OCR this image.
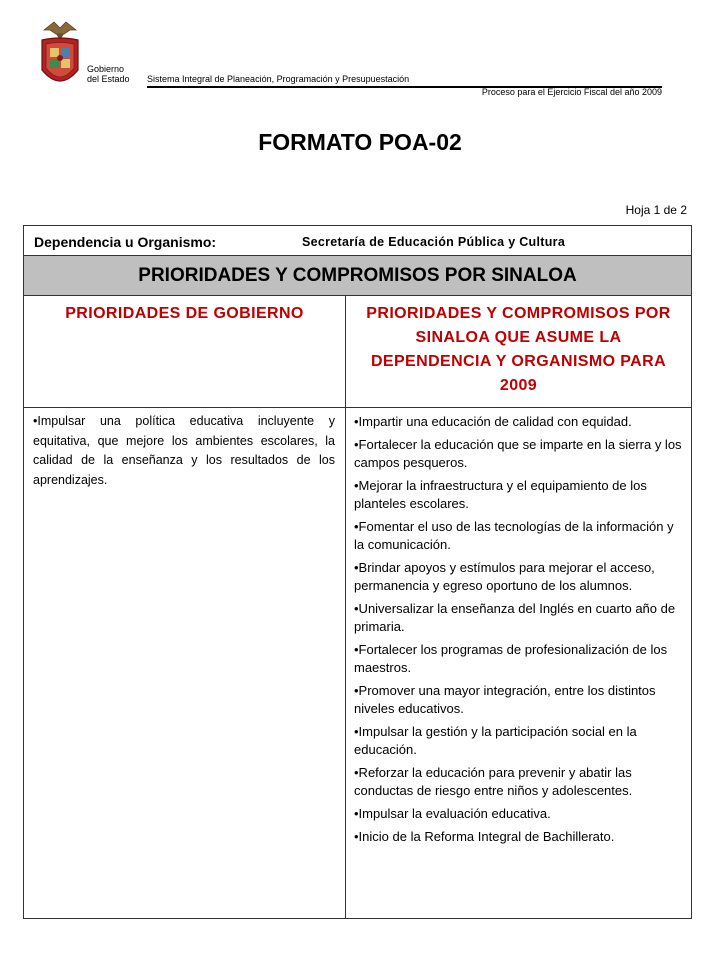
Gobierno
del Estado Sistema Integral de Planeación, Programación y Presupuestación
Proceso para el Ejercicio Fiscal del año 2009
FORMATO POA-02
Hoja 1 de 2
Dependencia u Organismo:	Secretaría de Educación Pública y Cultura
PRIORIDADES Y COMPROMISOS POR SINALOA
PRIORIDADES DE GOBIERNO	PRIORIDADES Y COMPROMISOS POR SINALOA QUE ASUME LA DEPENDENCIA Y ORGANISMO PARA 2009
•Impulsar una política educativa incluyente y equitativa, que mejore los ambientes escolares, la calidad de la enseñanza y los resultados de los aprendizajes.
•Impartir una educación de calidad con equidad.
•Fortalecer la educación que se imparte en la sierra y los campos pesqueros.
•Mejorar la infraestructura y el equipamiento de los planteles escolares.
•Fomentar el uso de las tecnologías de la información y la comunicación.
•Brindar apoyos y estímulos para mejorar el acceso, permanencia y egreso oportuno de los alumnos.
•Universalizar la enseñanza del Inglés en cuarto año de primaria.
•Fortalecer los programas de profesionalización de los maestros.
•Promover una mayor integración, entre los distintos niveles educativos.
•Impulsar la gestión y la participación social en la educación.
•Reforzar la educación para prevenir y abatir las conductas de riesgo entre niños y adolescentes.
•Impulsar la evaluación educativa.
•Inicio de la Reforma Integral de Bachillerato.
